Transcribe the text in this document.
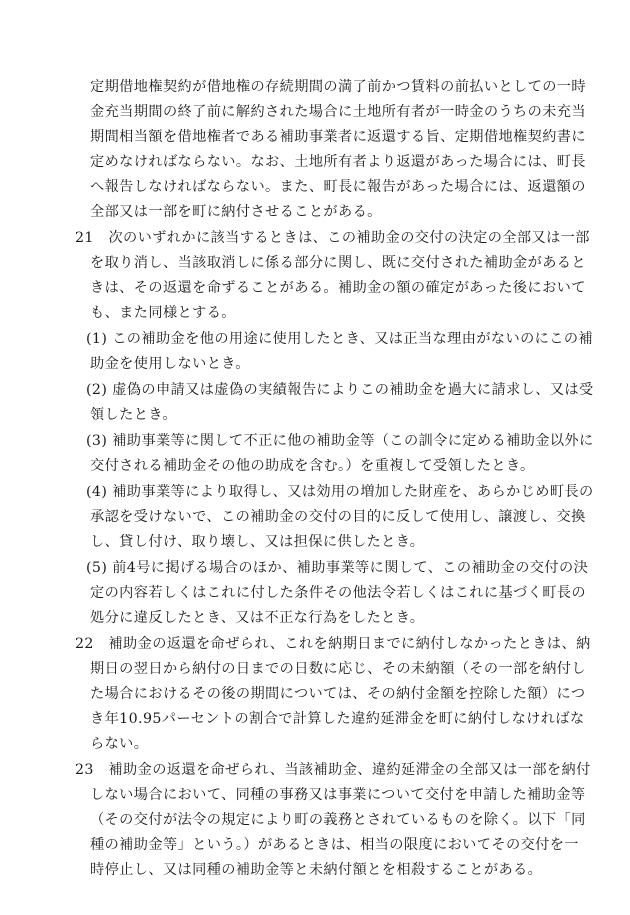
定期借地権契約が借地権の存続期間の満了前かつ賃料の前払いとしての一時
金充当期間の終了前に解約された場合に土地所有者が一時金のうちの未充当
期間相当額を借地権者である補助事業者に返還する旨、定期借地権契約書に
定めなければならない。なお、土地所有者より返還があった場合には、町長
へ報告しなければならない。また、町長に報告があった場合には、返還額の
全部又は一部を町に納付させることがある。
21　次のいずれかに該当するときは、この補助金の交付の決定の全部又は一部
を取り消し、当該取消しに係る部分に関し、既に交付された補助金があると
きは、その返還を命ずることがある。補助金の額の確定があった後において
も、また同様とする。
(1) この補助金を他の用途に使用したとき、又は正当な理由がないのにこの補
助金を使用しないとき。
(2) 虚偽の申請又は虚偽の実績報告によりこの補助金を過大に請求し、又は受
領したとき。
(3) 補助事業等に関して不正に他の補助金等（この訓令に定める補助金以外に
交付される補助金その他の助成を含む。）を重複して受領したとき。
(4) 補助事業等により取得し、又は効用の増加した財産を、あらかじめ町長の
承認を受けないで、この補助金の交付の目的に反して使用し、譲渡し、交換
し、貸し付け、取り壊し、又は担保に供したとき。
(5) 前4号に掲げる場合のほか、補助事業等に関して、この補助金の交付の決
定の内容若しくはこれに付した条件その他法令若しくはこれに基づく町長の
処分に違反したとき、又は不正な行為をしたとき。
22　補助金の返還を命ぜられ、これを納期日までに納付しなかったときは、納
期日の翌日から納付の日までの日数に応じ、その未納額（その一部を納付し
た場合におけるその後の期間については、その納付金額を控除した額）につ
き年10.95パーセントの割合で計算した違約延滞金を町に納付しなければな
らない。
23　補助金の返還を命ぜられ、当該補助金、違約延滞金の全部又は一部を納付
しない場合において、同種の事務又は事業について交付を申請した補助金等
（その交付が法令の規定により町の義務とされているものを除く。以下「同
種の補助金等」という。）があるときは、相当の限度においてその交付を一
時停止し、又は同種の補助金等と未納付額とを相殺することがある。
